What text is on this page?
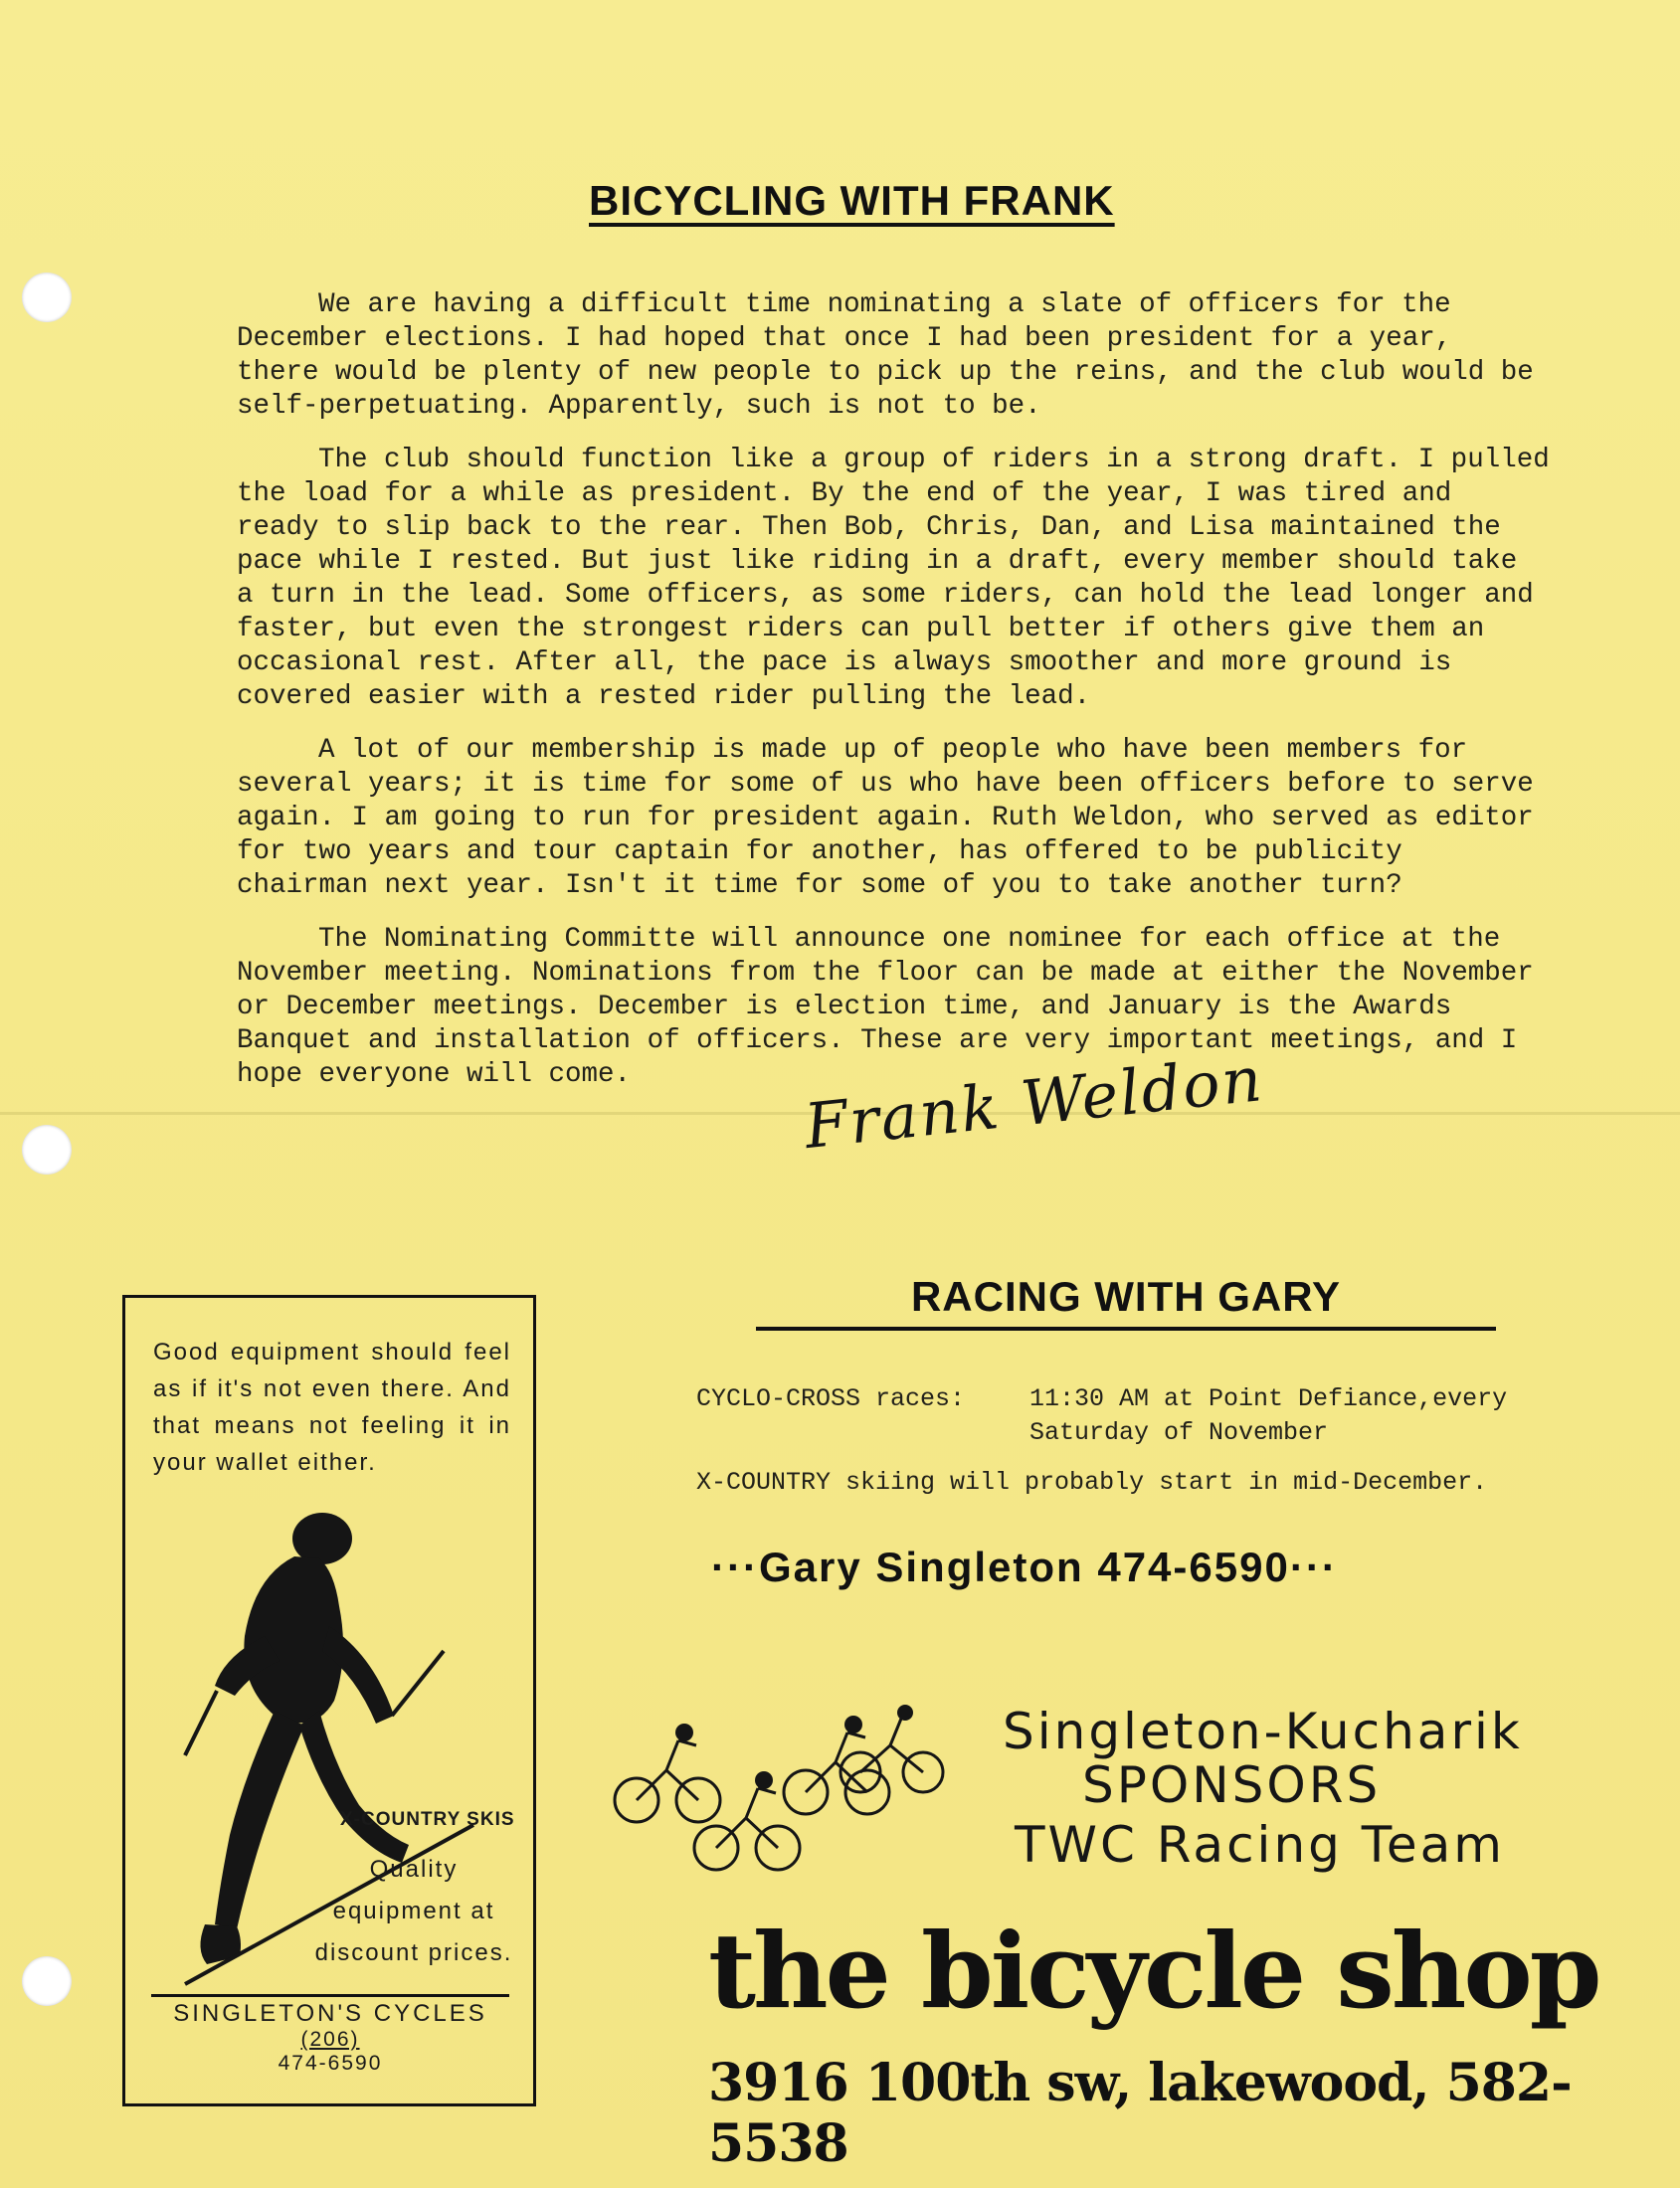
BICYCLING WITH FRANK

We are having a difficult time nominating a slate of officers for the December elections. I had hoped that once I had been president for a year, there would be plenty of new people to pick up the reins, and the club would be self-perpetuating. Apparently, such is not to be.

The club should function like a group of riders in a strong draft. I pulled the load for a while as president. By the end of the year, I was tired and ready to slip back to the rear. Then Bob, Chris, Dan, and Lisa maintained the pace while I rested. But just like riding in a draft, every member should take a turn in the lead. Some officers, as some riders, can hold the lead longer and faster, but even the strongest riders can pull better if others give them an occasional rest. After all, the pace is always smoother and more ground is covered easier with a rested rider pulling the lead.

A lot of our membership is made up of people who have been members for several years; it is time for some of us who have been officers before to serve again. I am going to run for president again. Ruth Weldon, who served as editor for two years and tour captain for another, has offered to be publicity chairman next year. Isn't it time for some of you to take another turn?

The Nominating Committe will announce one nominee for each office at the November meeting. Nominations from the floor can be made at either the November or December meetings. December is election time, and January is the Awards Banquet and installation of officers. These are very important meetings, and I hope everyone will come.	Frank Weldon
Good equipment should feel as if it's not even there. And that means not feeling it in your wallet either.
X-COUNTRY SKIS
Quality equipment at discount prices.
SINGLETON'S CYCLES
(206)
474-6590
RACING WITH GARY
CYCLO-CROSS races:	11:30 AM at Point Defiance,every
Saturday of November
X-COUNTRY skiing will probably start in mid-December.
···Gary Singleton 474-6590···
Singleton-Kucharik
SPONSORS
TWC Racing Team
the bicycle shop
3916 100th sw, lakewood, 582-5538
